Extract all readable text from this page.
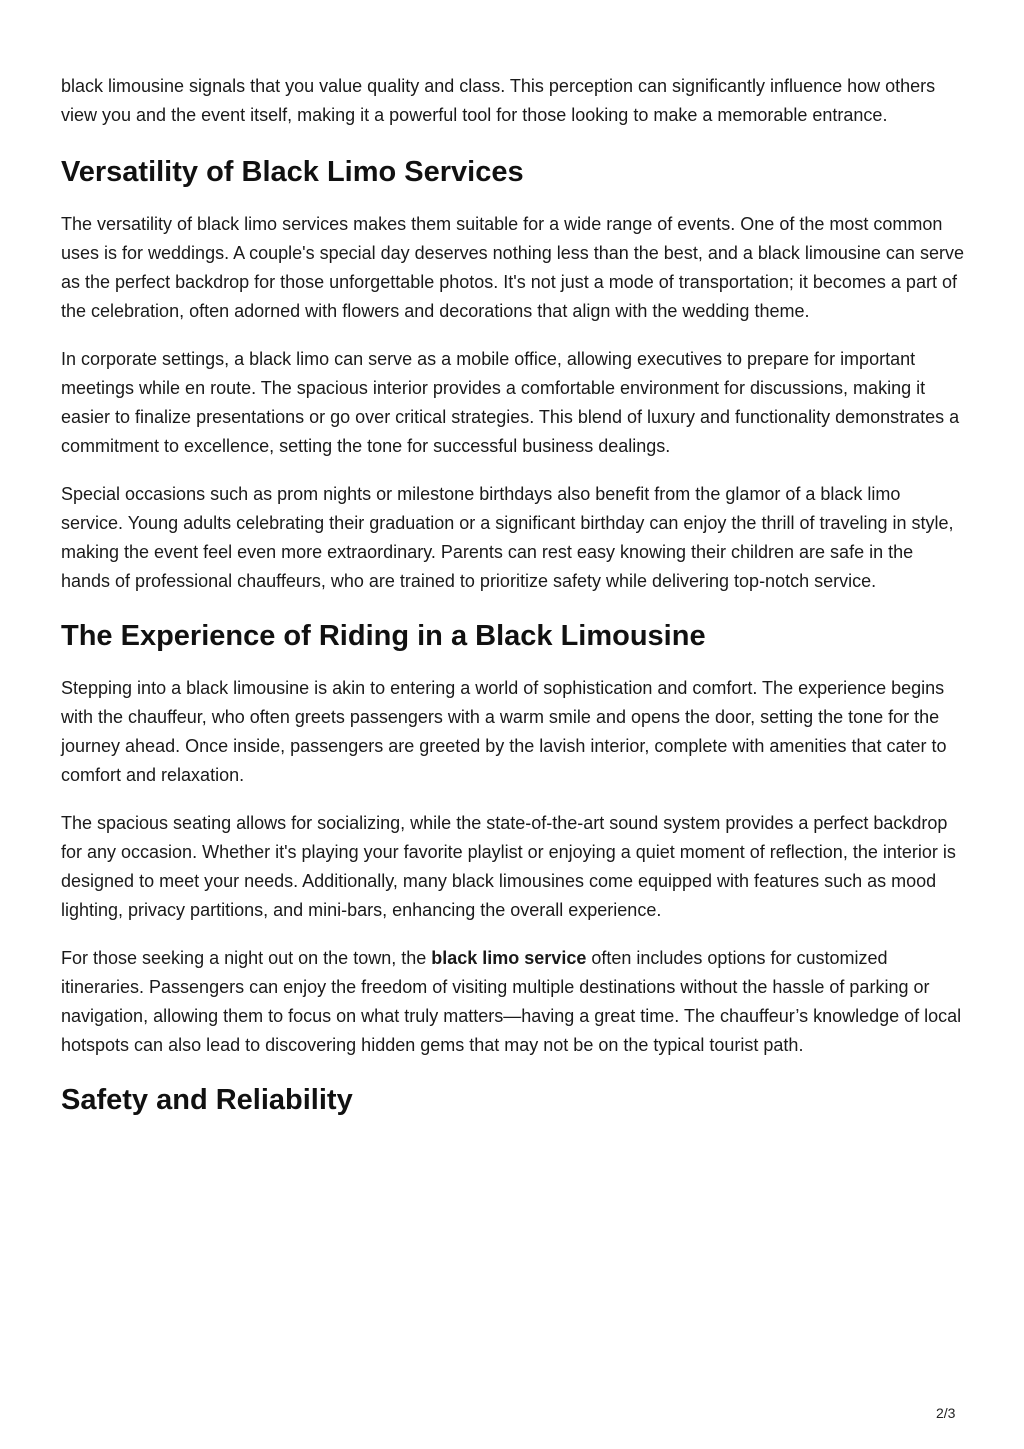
black limousine signals that you value quality and class. This perception can significantly influence how others view you and the event itself, making it a powerful tool for those looking to make a memorable entrance.

Versatility of Black Limo Services

The versatility of black limo services makes them suitable for a wide range of events. One of the most common uses is for weddings. A couple's special day deserves nothing less than the best, and a black limousine can serve as the perfect backdrop for those unforgettable photos. It's not just a mode of transportation; it becomes a part of the celebration, often adorned with flowers and decorations that align with the wedding theme.

In corporate settings, a black limo can serve as a mobile office, allowing executives to prepare for important meetings while en route. The spacious interior provides a comfortable environment for discussions, making it easier to finalize presentations or go over critical strategies. This blend of luxury and functionality demonstrates a commitment to excellence, setting the tone for successful business dealings.

Special occasions such as prom nights or milestone birthdays also benefit from the glamor of a black limo service. Young adults celebrating their graduation or a significant birthday can enjoy the thrill of traveling in style, making the event feel even more extraordinary. Parents can rest easy knowing their children are safe in the hands of professional chauffeurs, who are trained to prioritize safety while delivering top-notch service.

The Experience of Riding in a Black Limousine

Stepping into a black limousine is akin to entering a world of sophistication and comfort. The experience begins with the chauffeur, who often greets passengers with a warm smile and opens the door, setting the tone for the journey ahead. Once inside, passengers are greeted by the lavish interior, complete with amenities that cater to comfort and relaxation.

The spacious seating allows for socializing, while the state-of-the-art sound system provides a perfect backdrop for any occasion. Whether it's playing your favorite playlist or enjoying a quiet moment of reflection, the interior is designed to meet your needs. Additionally, many black limousines come equipped with features such as mood lighting, privacy partitions, and mini-bars, enhancing the overall experience.

For those seeking a night out on the town, the black limo service often includes options for customized itineraries. Passengers can enjoy the freedom of visiting multiple destinations without the hassle of parking or navigation, allowing them to focus on what truly matters—having a great time. The chauffeur’s knowledge of local hotspots can also lead to discovering hidden gems that may not be on the typical tourist path.

Safety and Reliability
2/3
